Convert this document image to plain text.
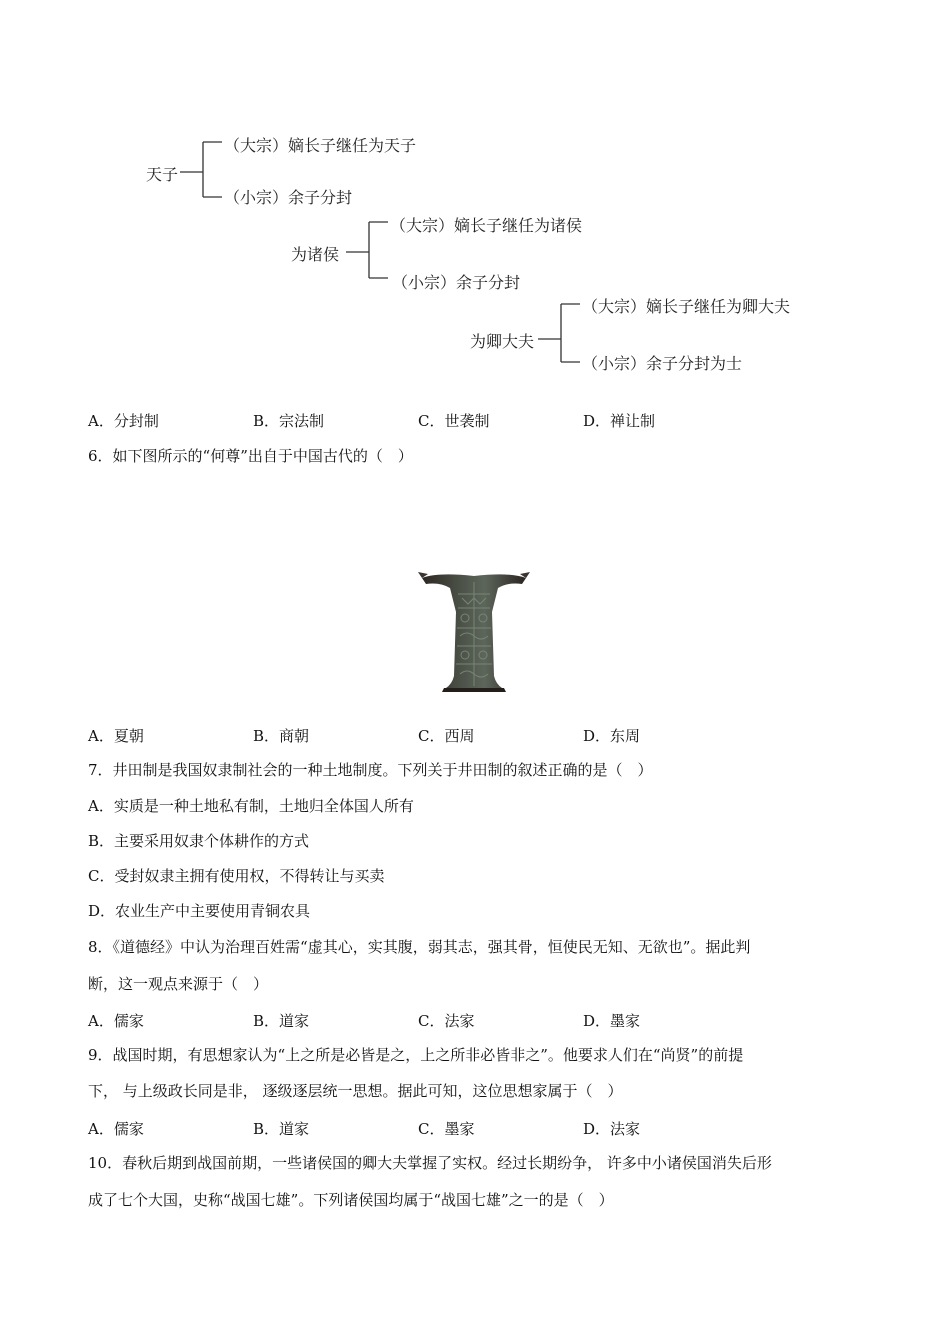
天子
（大宗）嫡长子继任为天子
（小宗）余子分封
为诸侯
（大宗）嫡长子继任为诸侯
（小宗）余子分封
为卿大夫
（大宗）嫡长子继任为卿大夫
（小宗）余子分封为士
A．分封制	B．宗法制	C．世袭制	D．禅让制
6．如下图所示的“何尊”出自于中国古代的（　）
A．夏朝	B．商朝	C．西周	D．东周
7．井田制是我国奴隶制社会的一种土地制度。下列关于井田制的叙述正确的是（　）
A．实质是一种土地私有制，土地归全体国人所有
B．主要采用奴隶个体耕作的方式
C．受封奴隶主拥有使用权，不得转让与买卖
D．农业生产中主要使用青铜农具
8．《道德经》中认为治理百姓需“虚其心，实其腹，弱其志，强其骨，恒使民无知、无欲也”。据此判
断，这一观点来源于（　）
A．儒家	B．道家	C．法家	D．墨家
9．战国时期，有思想家认为“上之所是必皆是之，上之所非必皆非之”。他要求人们在“尚贤”的前提
下， 与上级政长同是非， 逐级逐层统一思想。据此可知，这位思想家属于（　）
A．儒家	B．道家	C．墨家	D．法家
10．春秋后期到战国前期，一些诸侯国的卿大夫掌握了实权。经过长期纷争， 许多中小诸侯国消失后形
成了七个大国，史称“战国七雄”。下列诸侯国均属于“战国七雄”之一的是（　）
